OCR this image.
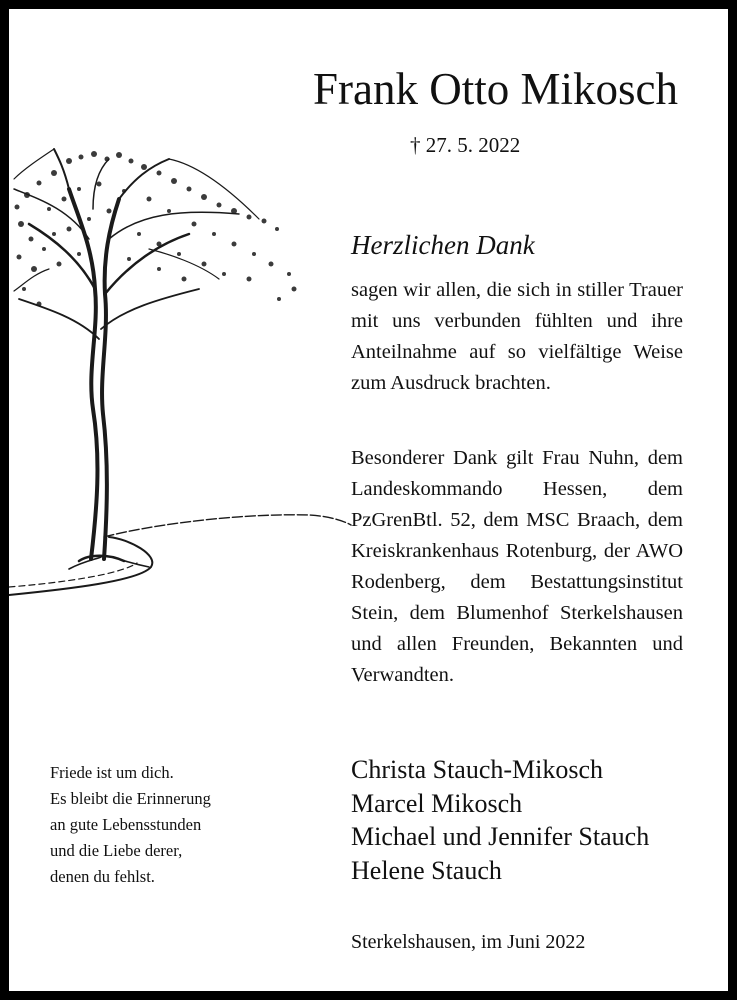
Frank Otto Mikosch
† 27. 5. 2022
Herzlichen Dank

sagen wir allen, die sich in stiller Trauer mit uns verbunden fühlten und ihre Anteilnahme auf so vielfältige Weise zum Ausdruck brachten.

Besonderer Dank gilt Frau Nuhn, dem Landeskommando Hessen, dem PzGrenBtl. 52, dem MSC Braach, dem Kreiskrankenhaus Rotenburg, der AWO Rodenberg, dem Bestattungsinstitut Stein, dem Blumenhof Sterkelshausen und allen Freunden, Bekannten und Verwandten.

Christa Stauch-Mikosch
Marcel Mikosch
Michael und Jennifer Stauch
Helene Stauch
Friede ist um dich.
Es bleibt die Erinnerung
an gute Lebensstunden
und die Liebe derer,
denen du fehlst.
Sterkelshausen, im Juni 2022
